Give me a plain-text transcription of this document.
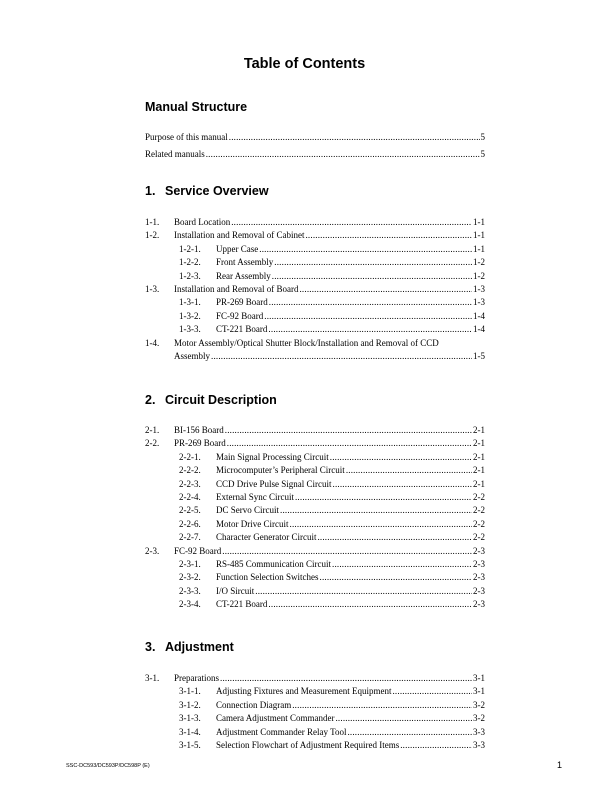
Table of Contents
Manual Structure
Purpose of this manual .....	5
Related manuals .....	5
1. Service Overview
1-1.	Board Location .....	1-1
1-2.	Installation and Removal of Cabinet .....	1-1
1-2-1.	Upper Case .....	1-1
1-2-2.	Front Assembly .....	1-2
1-2-3.	Rear Assembly .....	1-2
1-3.	Installation and Removal of Board .....	1-3
1-3-1.	PR-269 Board .....	1-3
1-3-2.	FC-92 Board .....	1-4
1-3-3.	CT-221 Board .....	1-4
1-4.	Motor Assembly/Optical Shutter Block/Installation and Removal of CCD
Assembly .....	1-5
2. Circuit Description
2-1.	BI-156 Board .....	2-1
2-2.	PR-269 Board .....	2-1
2-2-1.	Main Signal Processing Circuit .....	2-1
2-2-2.	Microcomputer’s Peripheral Circuit .....	2-1
2-2-3.	CCD Drive Pulse Signal Circuit .....	2-1
2-2-4.	External Sync Circuit .....	2-2
2-2-5.	DC Servo Circuit .....	2-2
2-2-6.	Motor Drive Circuit .....	2-2
2-2-7.	Character Generator Circuit .....	2-2
2-3.	FC-92 Board .....	2-3
2-3-1.	RS-485 Communication Circuit .....	2-3
2-3-2.	Function Selection Switches .....	2-3
2-3-3.	I/O Sircuit .....	2-3
2-3-4.	CT-221 Board .....	2-3
3. Adjustment
3-1.	Preparations .....	3-1
3-1-1.	Adjusting Fixtures and Measurement Equipment .....	3-1
3-1-2.	Connection Diagram .....	3-2
3-1-3.	Camera Adjustment Commander .....	3-2
3-1-4.	Adjustment Commander Relay Tool .....	3-3
3-1-5.	Selection Flowchart of Adjustment Required Items .....	3-3
SSC-DC593/DC593P/DC598P (E)	1
